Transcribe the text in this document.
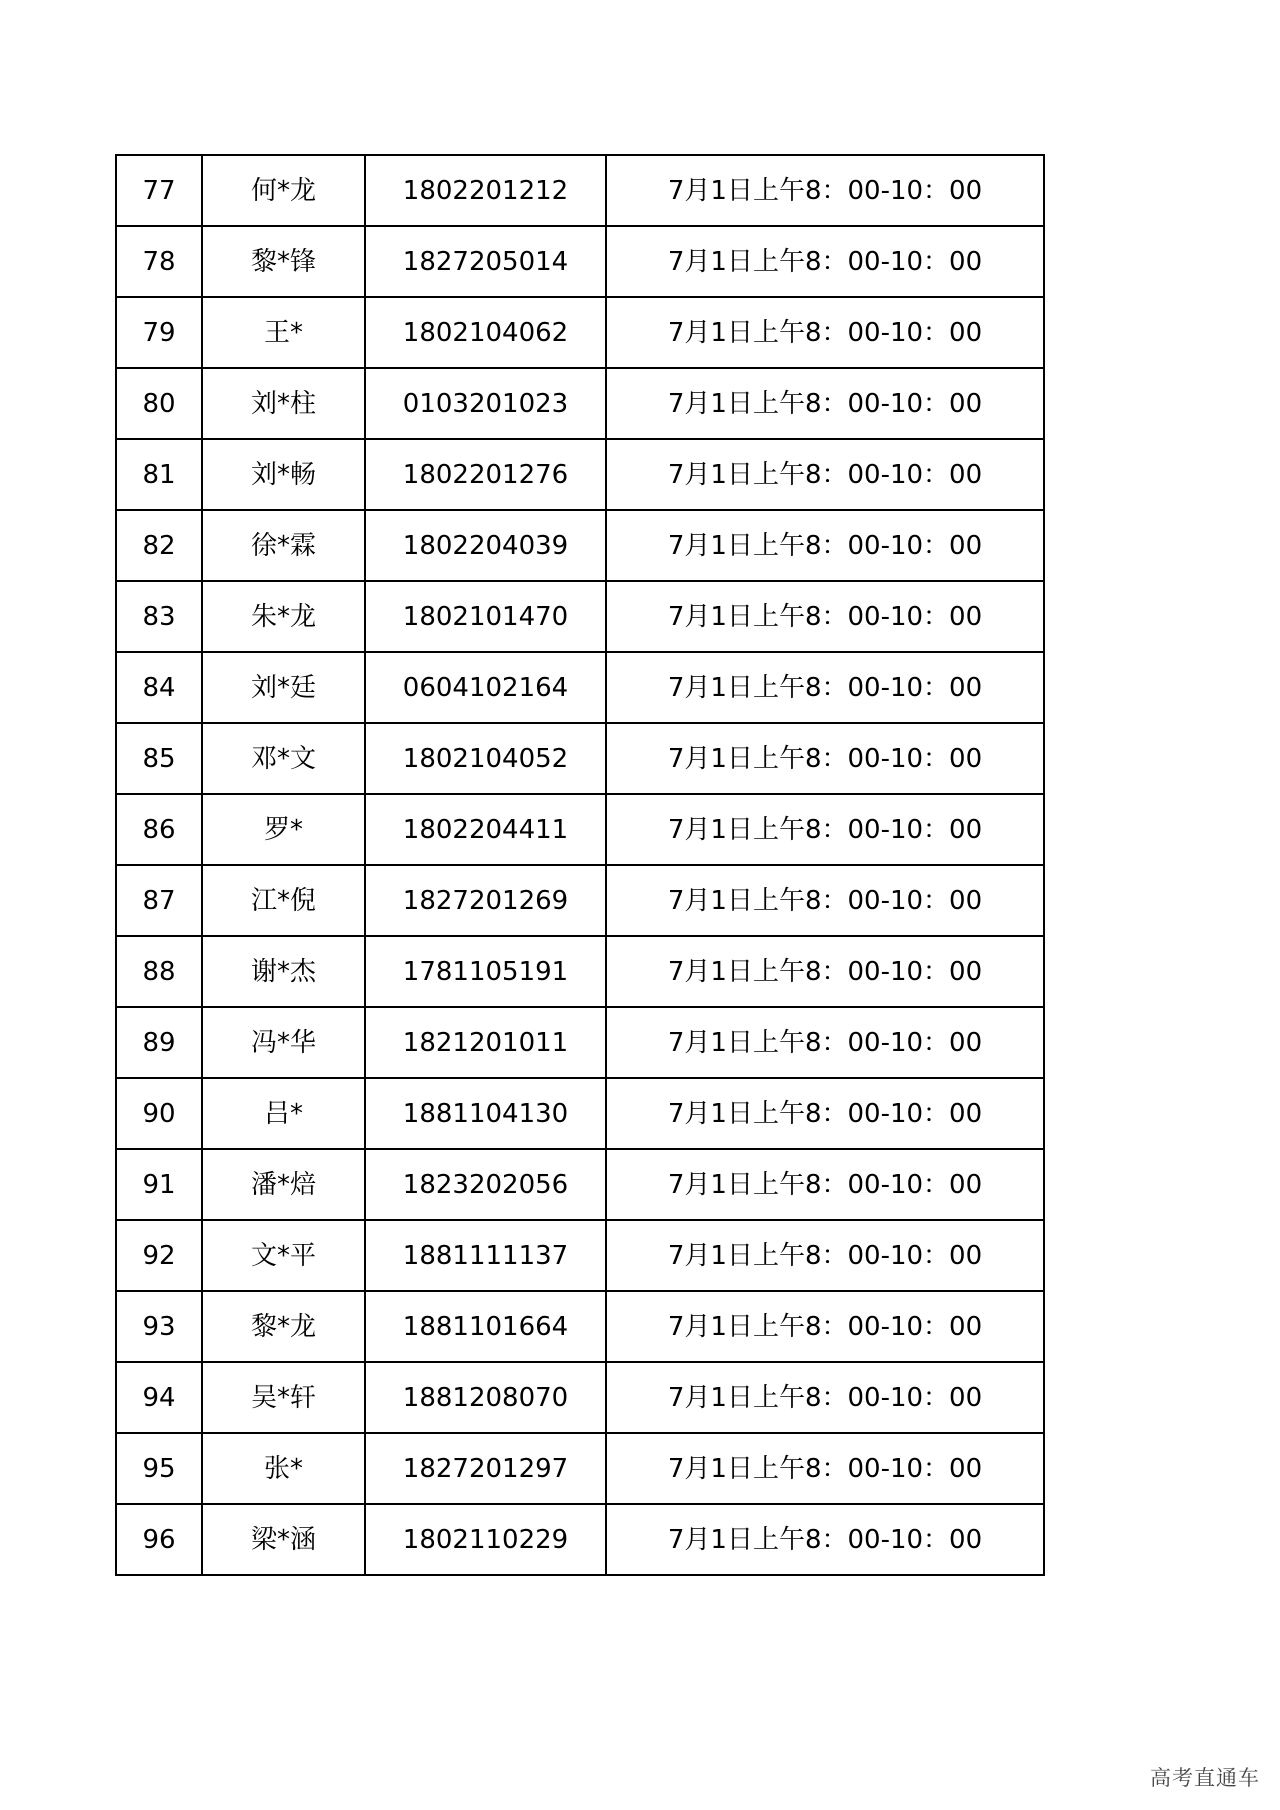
77	何*龙	1802201212	7月1日上午8：00-10：00
78	黎*锋	1827205014	7月1日上午8：00-10：00
79	王*	1802104062	7月1日上午8：00-10：00
80	刘*柱	0103201023	7月1日上午8：00-10：00
81	刘*畅	1802201276	7月1日上午8：00-10：00
82	徐*霖	1802204039	7月1日上午8：00-10：00
83	朱*龙	1802101470	7月1日上午8：00-10：00
84	刘*廷	0604102164	7月1日上午8：00-10：00
85	邓*文	1802104052	7月1日上午8：00-10：00
86	罗*	1802204411	7月1日上午8：00-10：00
87	江*倪	1827201269	7月1日上午8：00-10：00
88	谢*杰	1781105191	7月1日上午8：00-10：00
89	冯*华	1821201011	7月1日上午8：00-10：00
90	吕*	1881104130	7月1日上午8：00-10：00
91	潘*焙	1823202056	7月1日上午8：00-10：00
92	文*平	1881111137	7月1日上午8：00-10：00
93	黎*龙	1881101664	7月1日上午8：00-10：00
94	吴*轩	1881208070	7月1日上午8：00-10：00
95	张*	1827201297	7月1日上午8：00-10：00
96	梁*涵	1802110229	7月1日上午8：00-10：00
高考直通车
